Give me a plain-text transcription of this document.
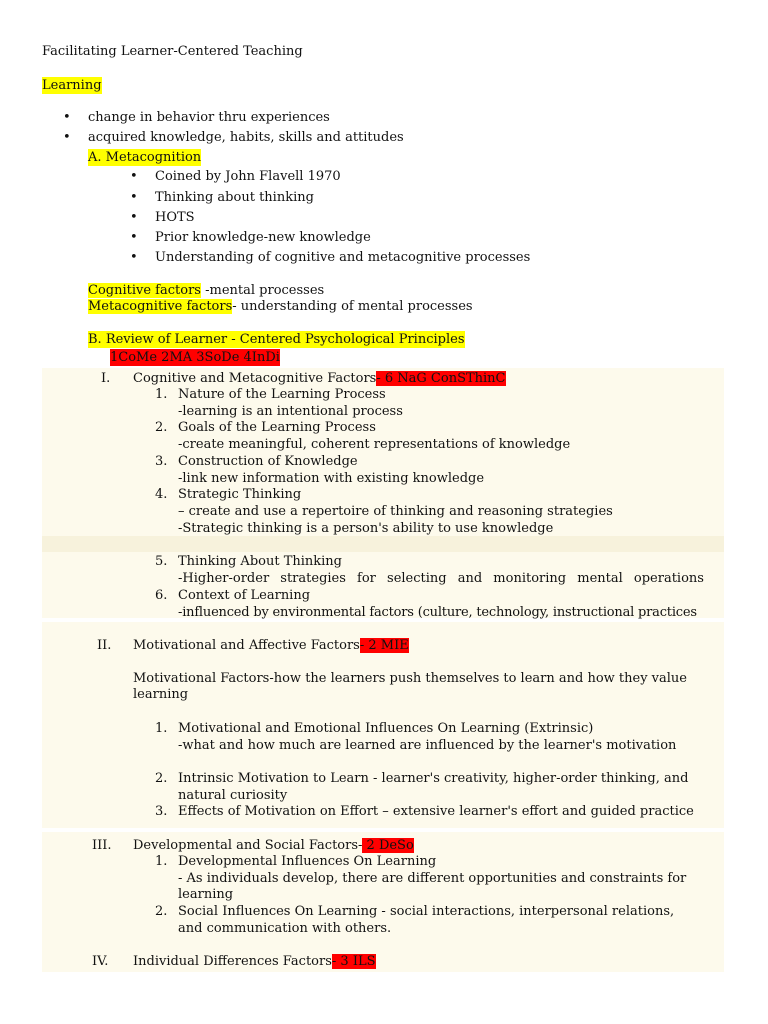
Facilitating Learner-Centered Teaching
Learning
• change in behavior thru experiences
• acquired knowledge, habits, skills and attitudes
A. Metacognition
• Coined by John Flavell 1970
• Thinking about thinking
• HOTS
• Prior knowledge-new knowledge
• Understanding of cognitive and metacognitive processes
Cognitive factors -mental processes
Metacognitive factors- understanding of mental processes
B. Review of Learner - Centered Psychological Principles
1CoMe 2MA 3SoDe 4InDi
I. Cognitive and Metacognitive Factors- 6 NaG ConSThinC
1. Nature of the Learning Process
-learning is an intentional process
2. Goals of the Learning Process
-create meaningful, coherent representations of knowledge
3. Construction of Knowledge
-link new information with existing knowledge
4. Strategic Thinking
– create and use a repertoire of thinking and reasoning strategies
-Strategic thinking is a person's ability to use knowledge
5. Thinking About Thinking
-Higher-order strategies for selecting and monitoring mental operations
6. Context of Learning
-influenced by environmental factors (culture, technology, instructional practices
II. Motivational and Affective Factors- 2 MIE
Motivational Factors-how the learners push themselves to learn and how they value
learning
1. Motivational and Emotional Influences On Learning (Extrinsic)
-what and how much are learned are influenced by the learner's motivation
2. Intrinsic Motivation to Learn - learner's creativity, higher-order thinking, and
natural curiosity
3. Effects of Motivation on Effort – extensive learner's effort and guided practice
III. Developmental and Social Factors- 2 DeSo
1. Developmental Influences On Learning
- As individuals develop, there are different opportunities and constraints for
learning
2. Social Influences On Learning - social interactions, interpersonal relations,
and communication with others.
IV. Individual Differences Factors- 3 ILS
